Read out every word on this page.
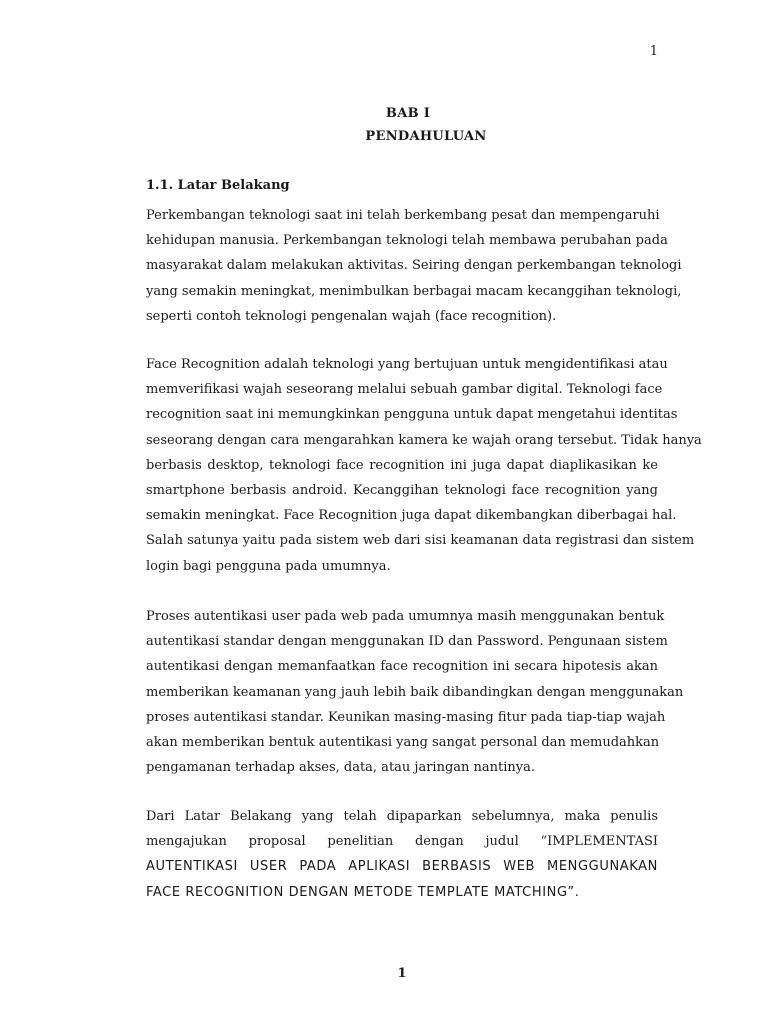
1
BAB I
PENDAHULUAN
1.1. Latar Belakang
Perkembangan teknologi saat ini telah berkembang pesat dan mempengaruhi
kehidupan manusia. Perkembangan teknologi telah membawa perubahan pada
masyarakat dalam melakukan aktivitas. Seiring dengan perkembangan teknologi
yang semakin meningkat, menimbulkan berbagai macam kecanggihan teknologi,
seperti contoh teknologi pengenalan wajah (face recognition).
Face Recognition adalah teknologi yang bertujuan untuk mengidentifikasi atau
memverifikasi wajah seseorang melalui sebuah gambar digital. Teknologi face
recognition saat ini memungkinkan pengguna untuk dapat mengetahui identitas
seseorang dengan cara mengarahkan kamera ke wajah orang tersebut. Tidak hanya
berbasis desktop, teknologi face recognition ini juga dapat diaplikasikan ke
smartphone berbasis android. Kecanggihan teknologi face recognition yang
semakin meningkat. Face Recognition juga dapat dikembangkan diberbagai hal.
Salah satunya yaitu pada sistem web dari sisi keamanan data registrasi dan sistem
login bagi pengguna pada umumnya.
Proses autentikasi user pada web pada umumnya masih menggunakan bentuk
autentikasi standar dengan menggunakan ID dan Password. Pengunaan sistem
autentikasi dengan memanfaatkan face recognition ini secara hipotesis akan
memberikan keamanan yang jauh lebih baik dibandingkan dengan menggunakan
proses autentikasi standar. Keunikan masing-masing fitur pada tiap-tiap wajah
akan memberikan bentuk autentikasi yang sangat personal dan memudahkan
pengamanan terhadap akses, data, atau jaringan nantinya.
Dari Latar Belakang yang telah dipaparkan sebelumnya, maka penulis
mengajukan proposal penelitian dengan judul “IMPLEMENTASI
AUTENTIKASI USER PADA APLIKASI BERBASIS WEB MENGGUNAKAN
FACE RECOGNITION DENGAN METODE TEMPLATE MATCHING”.
1
